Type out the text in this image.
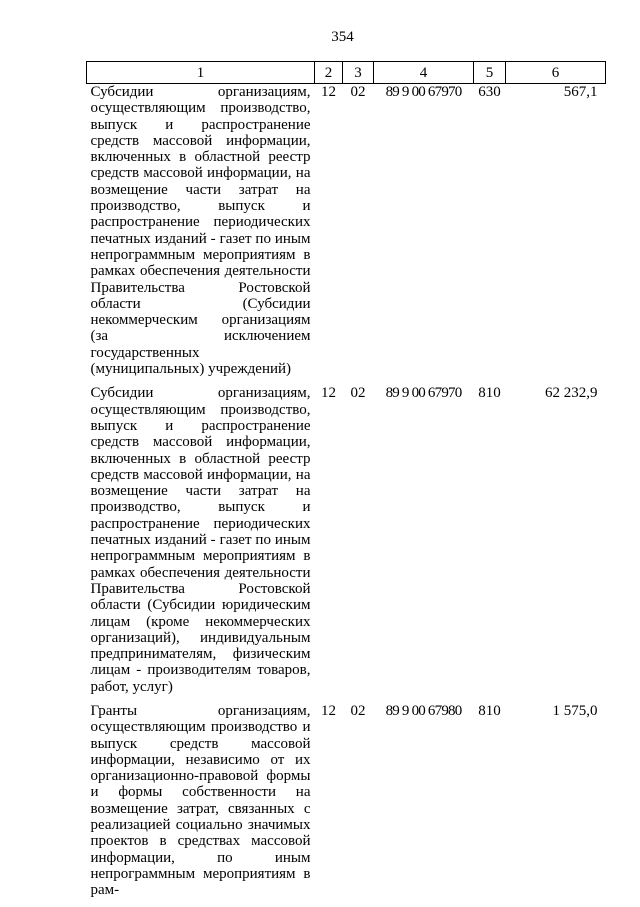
354
1	2	3	4	5	6
Субсидии организациям, осуществляющим производство, выпуск и распространение средств массовой информации, включенных в областной реестр средств массовой информации, на возмещение части затрат на производство, выпуск и распространение периодических печатных изданий - газет по иным непрограммным мероприятиям в рамках обеспечения деятельности Правительства Ростовской области (Субсидии некоммерческим организациям (за исключением государственных (муниципальных) учреждений)	12	02	89 9 00 67970	630	567,1
Субсидии организациям, осуществляющим производство, выпуск и распространение средств массовой информации, включенных в областной реестр средств массовой информации, на возмещение части затрат на производство, выпуск и распространение периодических печатных изданий - газет по иным непрограммным мероприятиям в рамках обеспечения деятельности Правительства Ростовской области (Субсидии юридическим лицам (кроме некоммерческих организаций), индивидуальным предпринимателям, физическим лицам - производителям товаров, работ, услуг)	12	02	89 9 00 67970	810	62 232,9
Гранты организациям, осуществляющим производство и выпуск средств массовой информации, независимо от их организационно-правовой формы и формы собственности на возмещение затрат, связанных с реализацией социально значимых проектов в средствах массовой информации, по иным непрограммным мероприятиям в рам-	12	02	89 9 00 67980	810	1 575,0
